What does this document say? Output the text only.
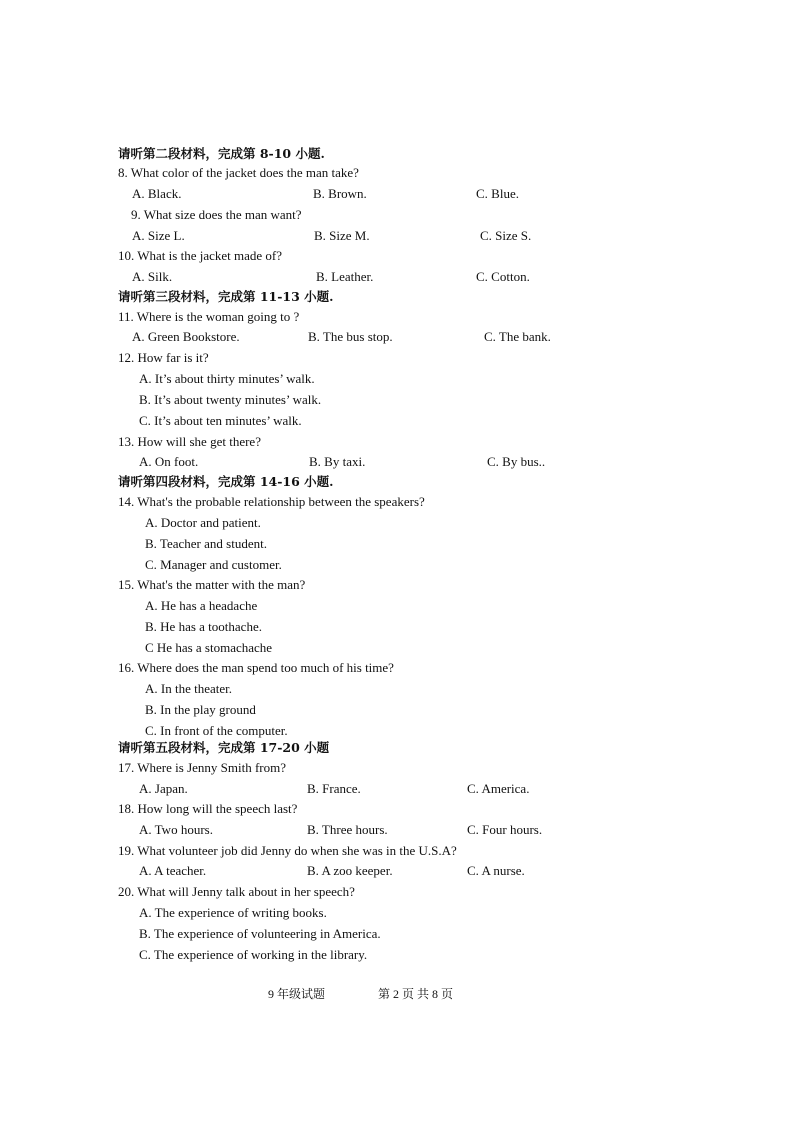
请听第二段材料，完成第 8-10 小题.
8. What color of the jacket does the man take?
A. Black.	B. Brown.	C. Blue.
9. What size does the man want?
A. Size L.	B. Size M.	C. Size S.
10. What is the jacket made of?
A. Silk.	B. Leather.	C. Cotton.
请听第三段材料，完成第 11-13 小题.
11. Where is the woman going to ?
A. Green Bookstore.	B. The bus stop.	C. The bank.
12. How far is it?
A. It’s about thirty minutes’ walk.
B. It’s about twenty minutes’ walk.
C. It’s about ten minutes’ walk.
13. How will she get there?
A. On foot.	B. By taxi.	C. By bus..
请听第四段材料，完成第 14-16 小题.
14. What's the probable relationship between the speakers?
A. Doctor and patient.
B. Teacher and student.
C. Manager and customer.
15. What's the matter with the man?
A. He has a headache
B. He has a toothache.
C He has a stomachache
16. Where does the man spend too much of his time?
A. In the theater.
B. In the play ground
C. In front of the computer.
请听第五段材料，完成第 17-20 小题
17. Where is Jenny Smith from?
A. Japan.	B. France.	C. America.
18. How long will the speech last?
A. Two hours.	B. Three hours.	C. Four hours.
19. What volunteer job did Jenny do when she was in the U.S.A?
A. A teacher.	B. A zoo keeper.	C. A nurse.
20. What will Jenny talk about in her speech?
A. The experience of writing books.
B. The experience of volunteering in America.
C. The experience of working in the library.
9 年级试题	第 2 页 共 8 页
